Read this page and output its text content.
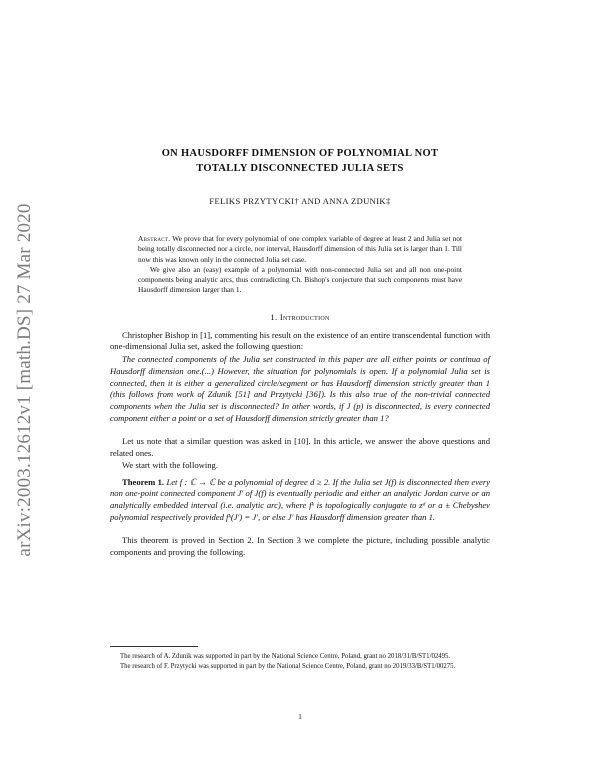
arXiv:2003.12612v1 [math.DS] 27 Mar 2020

ON HAUSDORFF DIMENSION OF POLYNOMIAL NOT
TOTALLY DISCONNECTED JULIA SETS

FELIKS PRZYTYCKI† AND ANNA ZDUNIK‡

Abstract. We prove that for every polynomial of one complex variable of degree at least 2 and Julia set not being totally disconnected nor a circle, nor interval, Hausdorff dimension of this Julia set is larger than 1. Till now this was known only in the connected Julia set case.

We give also an (easy) example of a polynomial with non-connected Julia set and all non one-point components being analytic arcs, thus contradicting Ch. Bishop's conjecture that such components must have Hausdorff dimension larger than 1.

1. Introduction

Christopher Bishop in [1], commenting his result on the existence of an entire transcendental function with one-dimensional Julia set, asked the following question:

The connected components of the Julia set constructed in this paper are all either points or continua of Hausdorff dimension one.(...) However, the situation for polynomials is open. If a polynomial Julia set is connected, then it is either a generalized circle/segment or has Hausdorff dimension strictly greater than 1 (this follows from work of Zdunik [51] and Przytycki [36]). Is this also true of the non-trivial connected components when the Julia set is disconnected? In other words, if J (p) is disconnected, is every connected component either a point or a set of Hausdorff dimension strictly greater than 1?

Let us note that a similar question was asked in [10]. In this article, we answer the above questions and related ones.

We start with the following.

Theorem 1. Let f : ℂ → ℂ be a polynomial of degree d ≥ 2. If the Julia set J(f) is disconnected then every non one-point connected component J′ of J(f) is eventually periodic and either an analytic Jordan curve or an analytically embedded interval (i.e. analytic arc), where fᵏ is topologically conjugate to zᵈ or a ± Chebyshev polynomial respectively provided fᵏ(J′) = J′, or else J′ has Hausdorff dimension greater than 1.

This theorem is proved in Section 2. In Section 3 we complete the picture, including possible analytic components and proving the following.

The research of A. Zdunik was supported in part by the National Science Centre, Poland, grant no 2018/31/B/ST1/02495.

The research of F. Przytycki was supported in part by the National Science Centre, Poland, grant no 2019/33/B/ST1/00275.

1
